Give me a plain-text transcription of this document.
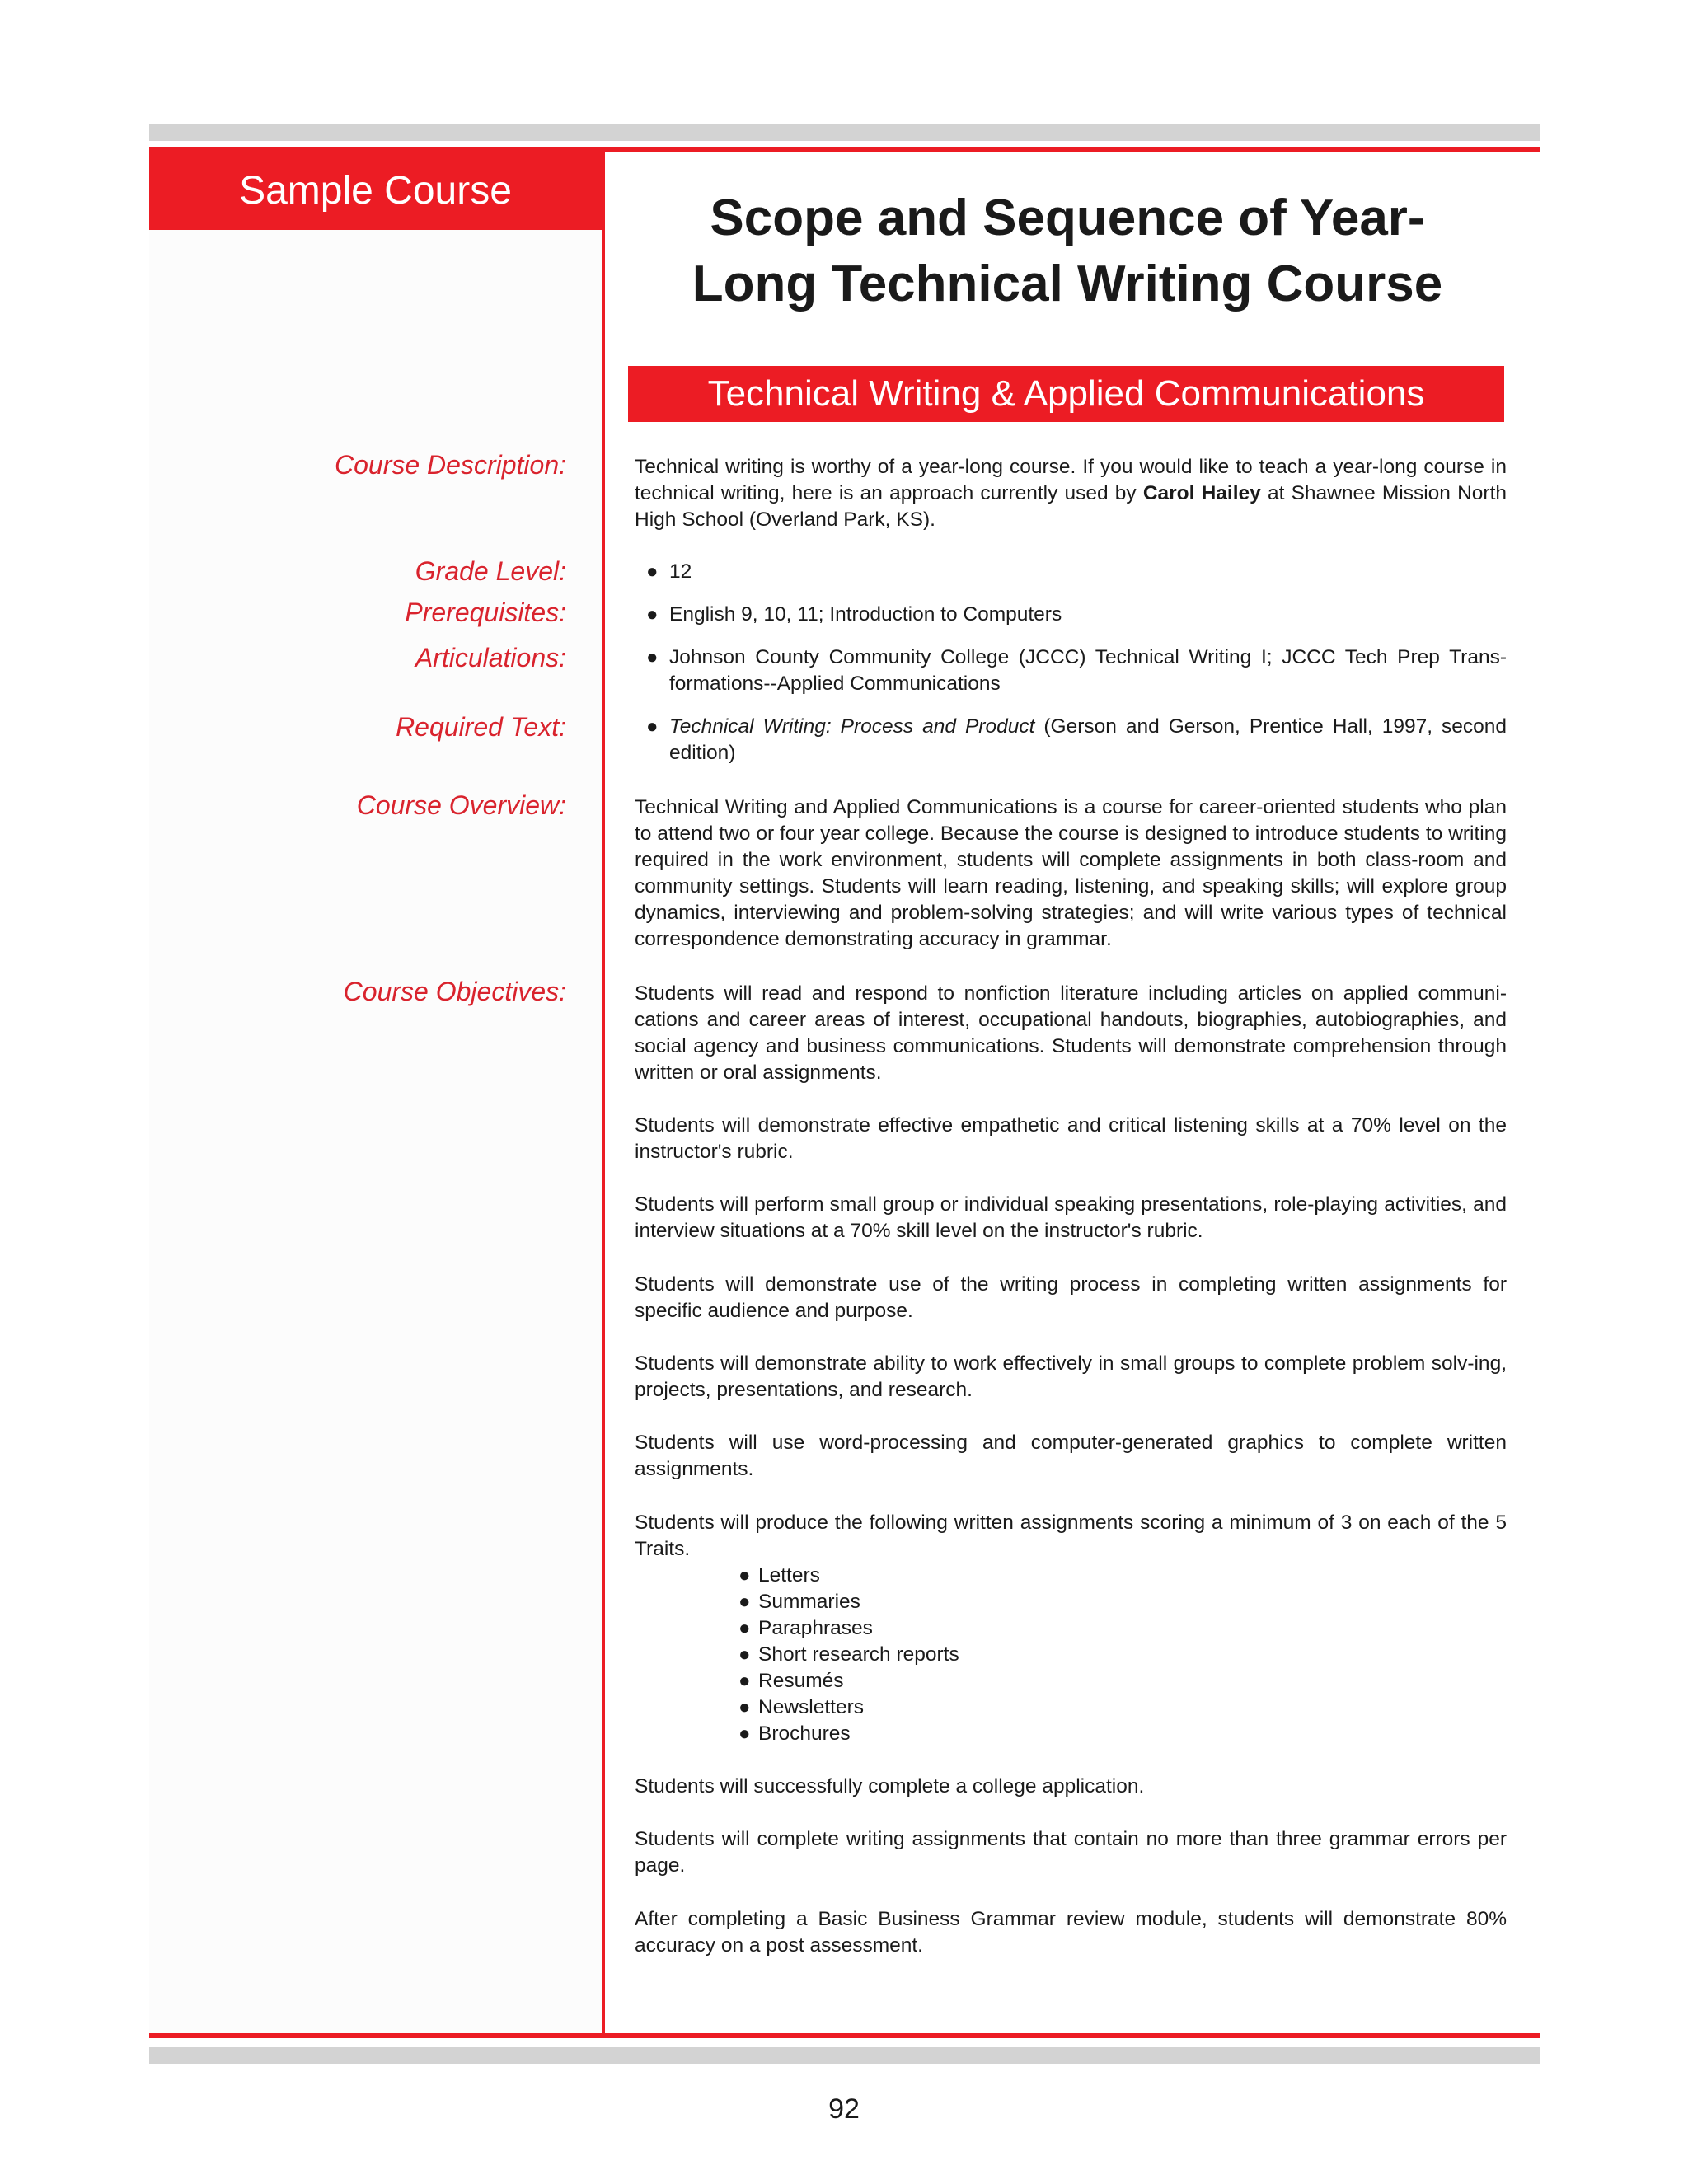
Sample Course	Scope and Sequence of Year-Long Technical Writing Course
Technical Writing & Applied Communications
Course Description:
Grade Level:
Prerequisites:
Articulations:
Required Text:
Course Overview:
Course Objectives:
Technical writing is worthy of a year-long course. If you would like to teach a year-long course in technical writing, here is an approach currently used by Carol Hailey at Shawnee Mission North High School (Overland Park, KS).
● 12
● English 9, 10, 11; Introduction to Computers
● Johnson County Community College (JCCC) Technical Writing I; JCCC Tech Prep Trans-formations--Applied Communications
● Technical Writing: Process and Product (Gerson and Gerson, Prentice Hall, 1997, second edition)
Technical Writing and Applied Communications is a course for career-oriented students who plan to attend two or four year college. Because the course is designed to introduce students to writing required in the work environment, students will complete assignments in both class-room and community settings. Students will learn reading, listening, and speaking skills; will explore group dynamics, interviewing and problem-solving strategies; and will write various types of technical correspondence demonstrating accuracy in grammar.
Students will read and respond to nonfiction literature including articles on applied communi-cations and career areas of interest, occupational handouts, biographies, autobiographies, and social agency and business communications. Students will demonstrate comprehension through written or oral assignments.
Students will demonstrate effective empathetic and critical listening skills at a 70% level on the instructor's rubric.
Students will perform small group or individual speaking presentations, role-playing activities, and interview situations at a 70% skill level on the instructor's rubric.
Students will demonstrate use of the writing process in completing written assignments for specific audience and purpose.
Students will demonstrate ability to work effectively in small groups to complete problem solv-ing, projects, presentations, and research.
Students will use word-processing and computer-generated graphics to complete written assignments.
Students will produce the following written assignments scoring a minimum of 3 on each of the 5 Traits.
● Letters
● Summaries
● Paraphrases
● Short research reports
● Resumés
● Newsletters
● Brochures
Students will successfully complete a college application.
Students will complete writing assignments that contain no more than three grammar errors per page.
After completing a Basic Business Grammar review module, students will demonstrate 80% accuracy on a post assessment.
92
